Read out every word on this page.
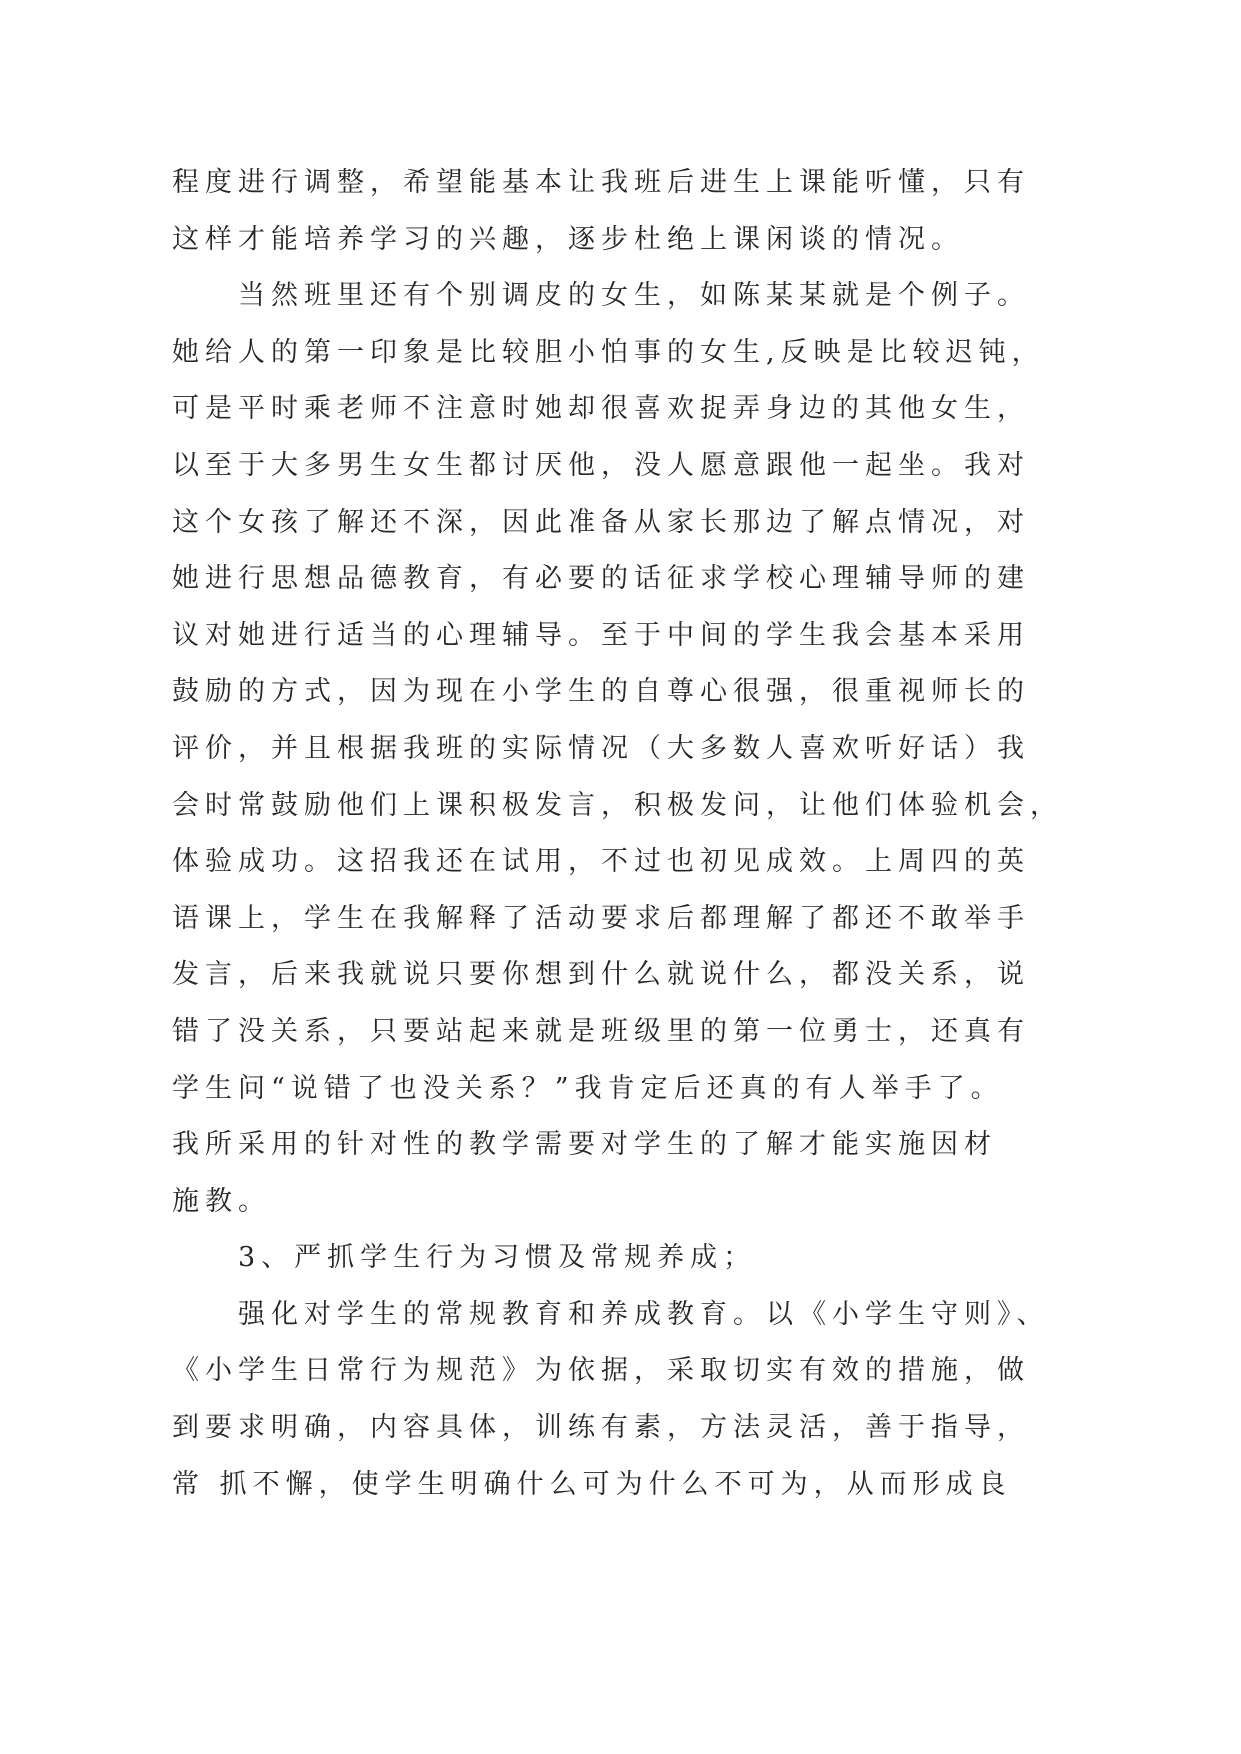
程度进行调整，希望能基本让我班后进生上课能听懂，只有
这样才能培养学习的兴趣，逐步杜绝上课闲谈的情况。
当然班里还有个别调皮的女生，如陈某某就是个例子。
她给人的第一印象是比较胆小怕事的女生,反映是比较迟钝，
可是平时乘老师不注意时她却很喜欢捉弄身边的其他女生，
以至于大多男生女生都讨厌他，没人愿意跟他一起坐。我对
这个女孩了解还不深，因此准备从家长那边了解点情况，对
她进行思想品德教育，有必要的话征求学校心理辅导师的建
议对她进行适当的心理辅导。至于中间的学生我会基本采用
鼓励的方式，因为现在小学生的自尊心很强，很重视师长的
评价，并且根据我班的实际情况（大多数人喜欢听好话）我
会时常鼓励他们上课积极发言，积极发问，让他们体验机会，
体验成功。这招我还在试用，不过也初见成效。上周四的英
语课上，学生在我解释了活动要求后都理解了都还不敢举手
发言，后来我就说只要你想到什么就说什么，都没关系，说
错了没关系，只要站起来就是班级里的第一位勇士，还真有
学生问“说错了也没关系？”我肯定后还真的有人举手了。
我所采用的针对性的教学需要对学生的了解才能实施因材
施教。
3、严抓学生行为习惯及常规养成；
强化对学生的常规教育和养成教育。以《小学生守则》、
《小学生日常行为规范》为依据，采取切实有效的措施，做
到要求明确，内容具体，训练有素，方法灵活，善于指导，
常 抓不懈，使学生明确什么可为什么不可为，从而形成良
